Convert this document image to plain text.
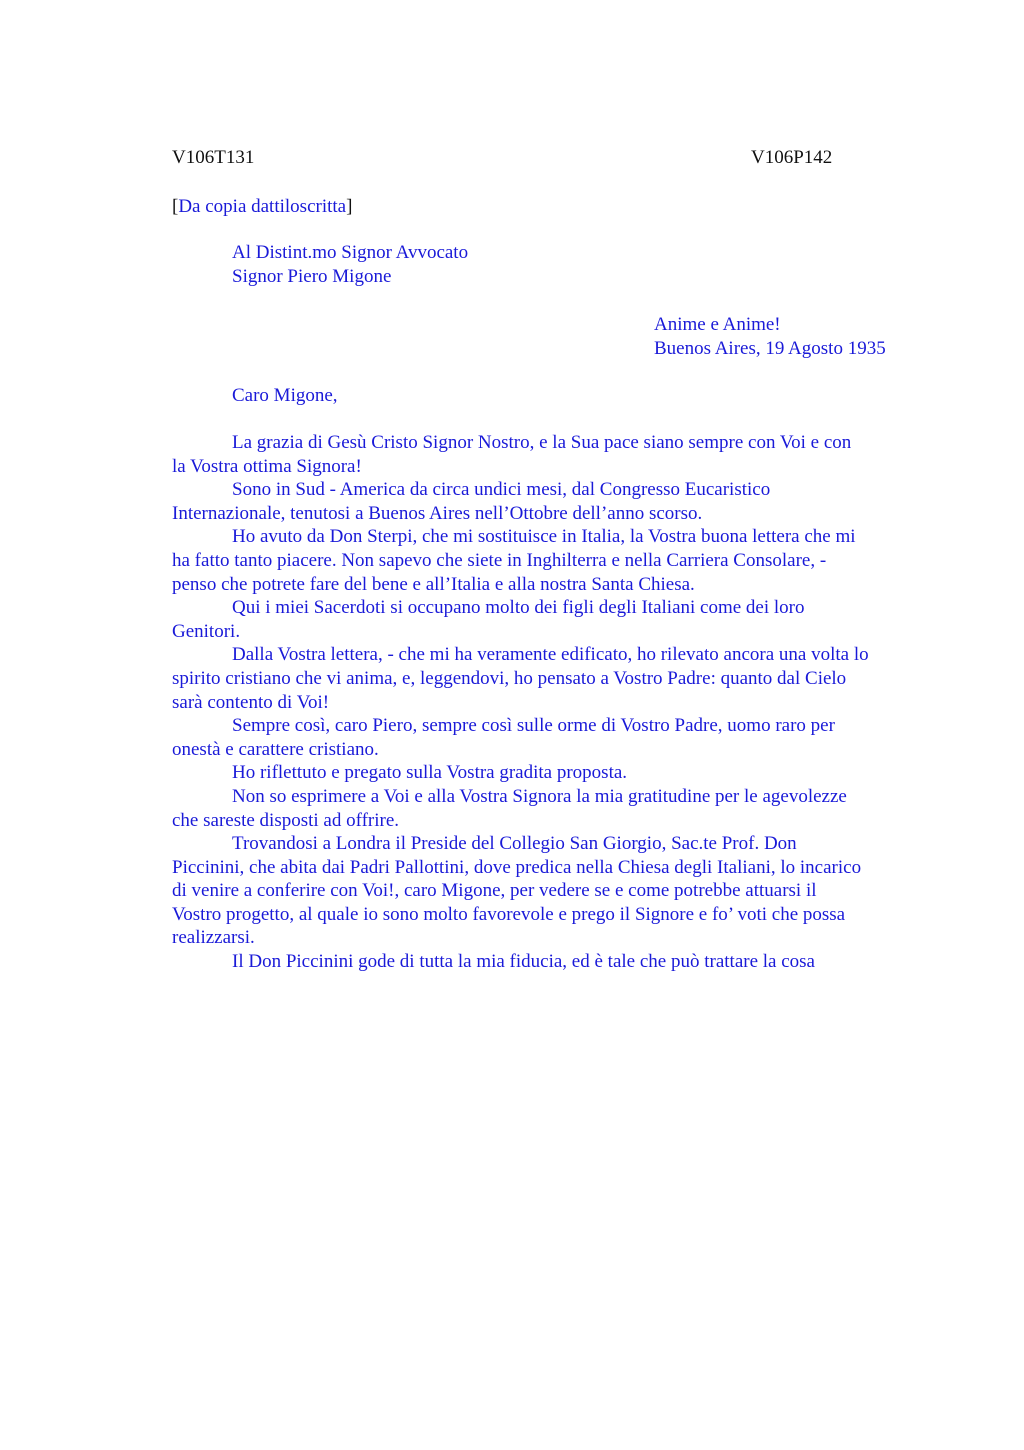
V106T131	V106P142
[Da copia dattiloscritta]
Al Distint.mo Signor Avvocato
Signor Piero Migone
Anime e Anime!
Buenos Aires, 19 Agosto 1935
Caro Migone,
La grazia di Gesù Cristo Signor Nostro, e la Sua pace siano sempre con Voi e con
la Vostra ottima Signora!
Sono in Sud - America da circa undici mesi, dal Congresso Eucaristico
Internazionale, tenutosi a Buenos Aires nell’Ottobre dell’anno scorso.
Ho avuto da Don Sterpi, che mi sostituisce in Italia, la Vostra buona lettera che mi
ha fatto tanto piacere. Non sapevo che siete in Inghilterra e nella Carriera Consolare, -
penso che potrete fare del bene e all’Italia e alla nostra Santa Chiesa.
Qui i miei Sacerdoti si occupano molto dei figli degli Italiani come dei loro
Genitori.
Dalla Vostra lettera, - che mi ha veramente edificato, ho rilevato ancora una volta lo
spirito cristiano che vi anima, e, leggendovi, ho pensato a Vostro Padre: quanto dal Cielo
sarà contento di Voi!
Sempre così, caro Piero, sempre così sulle orme di Vostro Padre, uomo raro per
onestà e carattere cristiano.
Ho riflettuto e pregato sulla Vostra gradita proposta.
Non so esprimere a Voi e alla Vostra Signora la mia gratitudine per le agevolezze
che sareste disposti ad offrire.
Trovandosi a Londra il Preside del Collegio San Giorgio, Sac.te Prof. Don
Piccinini, che abita dai Padri Pallottini, dove predica nella Chiesa degli Italiani, lo incarico
di venire a conferire con Voi!, caro Migone, per vedere se e come potrebbe attuarsi il
Vostro progetto, al quale io sono molto favorevole e prego il Signore e fo’ voti che possa
realizzarsi.
Il Don Piccinini gode di tutta la mia fiducia, ed è tale che può trattare la cosa
